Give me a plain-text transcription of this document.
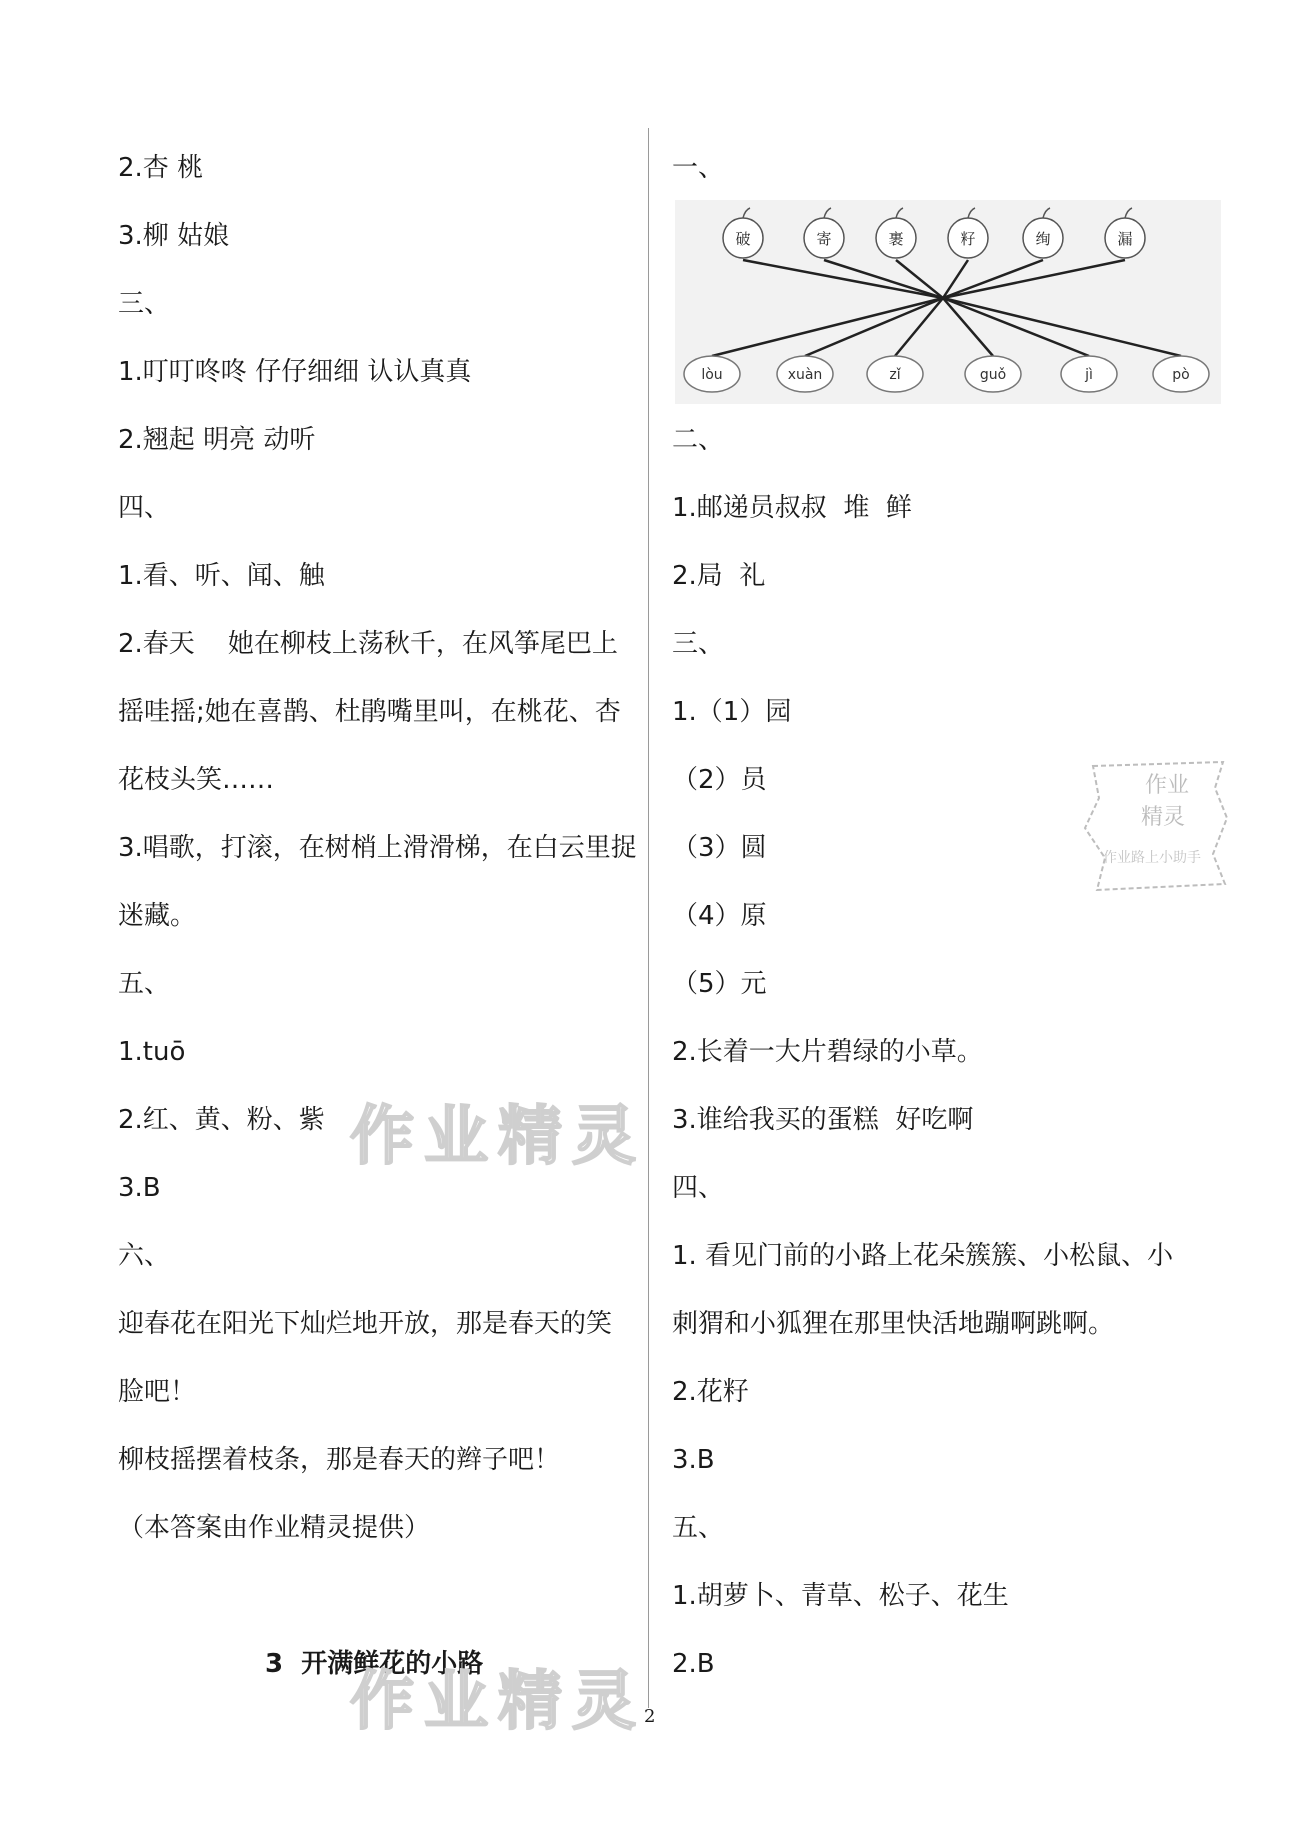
2.杏 桃
3.柳 姑娘
三、
1.叮叮咚咚 仔仔细细 认认真真
2.翘起 明亮 动听
四、
1.看、听、闻、触
2.春天    她在柳枝上荡秋千，在风筝尾巴上
摇哇摇;她在喜鹊、杜鹃嘴里叫，在桃花、杏
花枝头笑……
3.唱歌，打滚，在树梢上滑滑梯，在白云里捉
迷藏。
五、
1.tuō
2.红、黄、粉、紫
3.B
六、
迎春花在阳光下灿烂地开放，那是春天的笑
脸吧！
柳枝摇摆着枝条，那是春天的辫子吧！
（本答案由作业精灵提供）
3  开满鲜花的小路
一、
破	寄	裹	籽	绚	漏
lòu	xuàn	zǐ	guǒ	jì	pò
二、
1.邮递员叔叔  堆  鲜
2.局  礼
三、
1.（1）园
（2）员
（3）圆
（4）原
（5）元
2.长着一大片碧绿的小草。
3.谁给我买的蛋糕  好吃啊
四、
1. 看见门前的小路上花朵簇簇、小松鼠、小
刺猬和小狐狸在那里快活地蹦啊跳啊。
2.花籽
3.B
五、
1.胡萝卜、青草、松子、花生
2.B
作业精灵
作业精灵
作业
精灵
作业路上小助手
2
